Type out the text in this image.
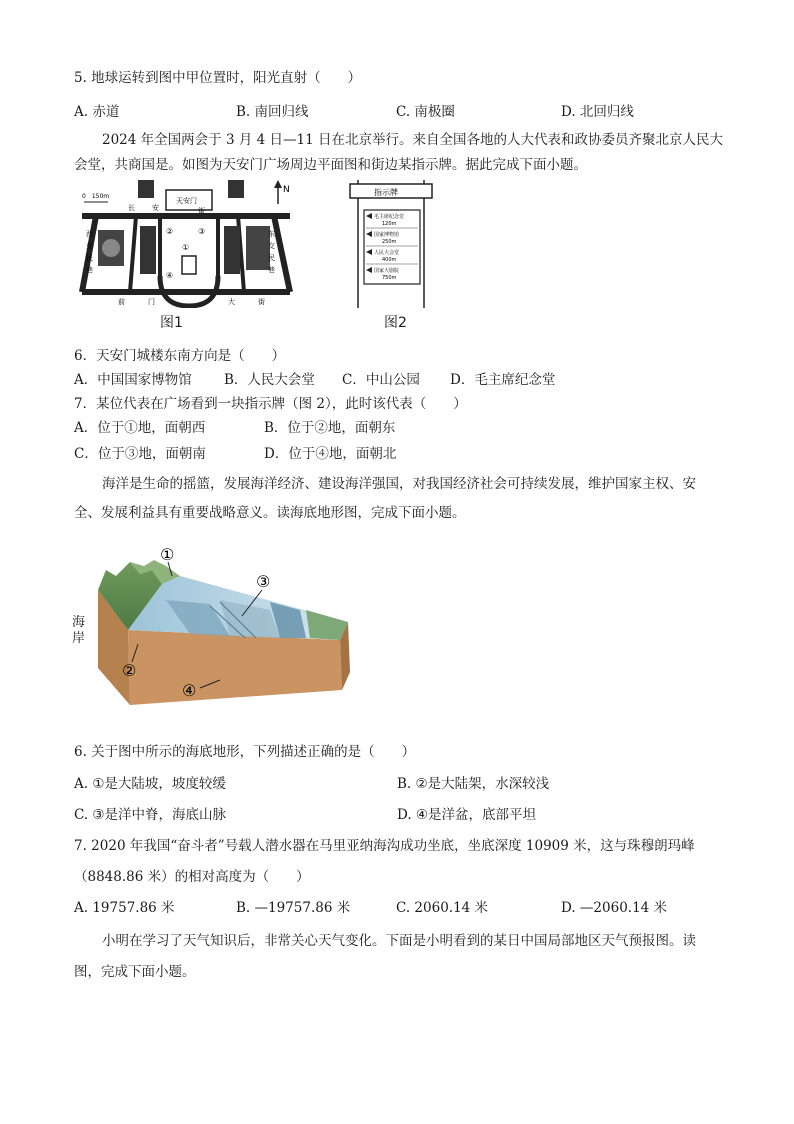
5. 地球运转到图中甲位置时，阳光直射（　　）
A. 赤道	B. 南回归线	C. 南极圈	D. 北回归线
2024 年全国两会于 3 月 4 日—11 日在北京举行。来自全国各地的人大代表和政协委员齐聚北京人民大
会堂，共商国是。如图为天安门广场周边平面图和街边某指示牌。据此完成下面小题。
N
0　150m
天安门
长 安	街
西
交
民
巷
东
交
民
巷
前	门	大	街
②	③
①
④
图1
指示牌
毛主席纪念堂
120m
国家博物馆
250m
人民大会堂
400m
国家大剧院
750m
图2
6．天安门城楼东南方向是（　　）
A．中国国家博物馆	B．人民大会堂	C．中山公园	D．毛主席纪念堂
7．某位代表在广场看到一块指示牌（图 2），此时该代表（　　）
A．位于①地，面朝西	B．位于②地，面朝东
C．位于③地，面朝南	D．位于④地，面朝北
海洋是生命的摇篮，发展海洋经济、建设海洋强国，对我国经济社会可持续发展，维护国家主权、安
全、发展利益具有重要战略意义。读海底地形图，完成下面小题。
①
③
②
④
海岸
6. 关于图中所示的海底地形，下列描述正确的是（　　）
A. ①是大陆坡，坡度较缓	B. ②是大陆架，水深较浅
C. ③是洋中脊，海底山脉	D. ④是洋盆，底部平坦
7. 2020 年我国“奋斗者”号载人潜水器在马里亚纳海沟成功坐底，坐底深度 10909 米，这与珠穆朗玛峰
（8848.86 米）的相对高度为（　　）
A. 19757.86 米	B. —19757.86 米	C. 2060.14 米	D. —2060.14 米
小明在学习了天气知识后，非常关心天气变化。下面是小明看到的某日中国局部地区天气预报图。读
图，完成下面小题。
